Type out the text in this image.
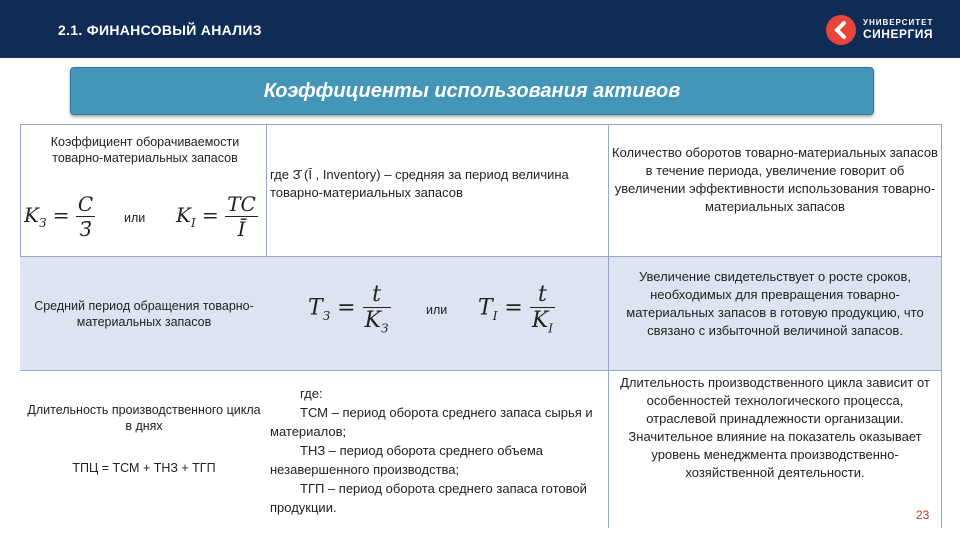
2.1. ФИНАНСОВЫЙ АНАЛИЗ	УНИВЕРСИТЕТ
СИНЕРГИЯ
Коэффициенты использования активов
Коэффициент оборачиваемости товарно-материальных запасов
$K_З = \frac{C}{З̄}$ или $K_I = \frac{TC}{Ī}$
где З̄ (Ī , Inventory) – средняя за период величина товарно-материальных запасов
Количество оборотов товарно-материальных запасов в течение периода, увеличение говорит об увеличении эффективности использования товарно-материальных запасов
Средний период обращения товарно-материальных запасов
$T_З = \frac{t}{K_З}$	или $T_I = \frac{t}{K_I}$
Увеличение свидетельствует о росте сроков, необходимых для превращения товарно-материальных запасов в готовую продукцию, что связано с избыточной величиной запасов.
Длительность производственного цикла в днях
ТПЦ = ТСМ + ТНЗ + ТГП
где:
ТСМ – период оборота среднего запаса сырья и материалов;
ТНЗ – период оборота среднего объема незавершенного производства;
ТГП – период оборота среднего запаса готовой продукции.
Длительность производственного цикла зависит от особенностей технологического процесса, отраслевой принадлежности организации. Значительное влияние на показатель оказывает уровень менеджмента производственно-хозяйственной деятельности.
23
